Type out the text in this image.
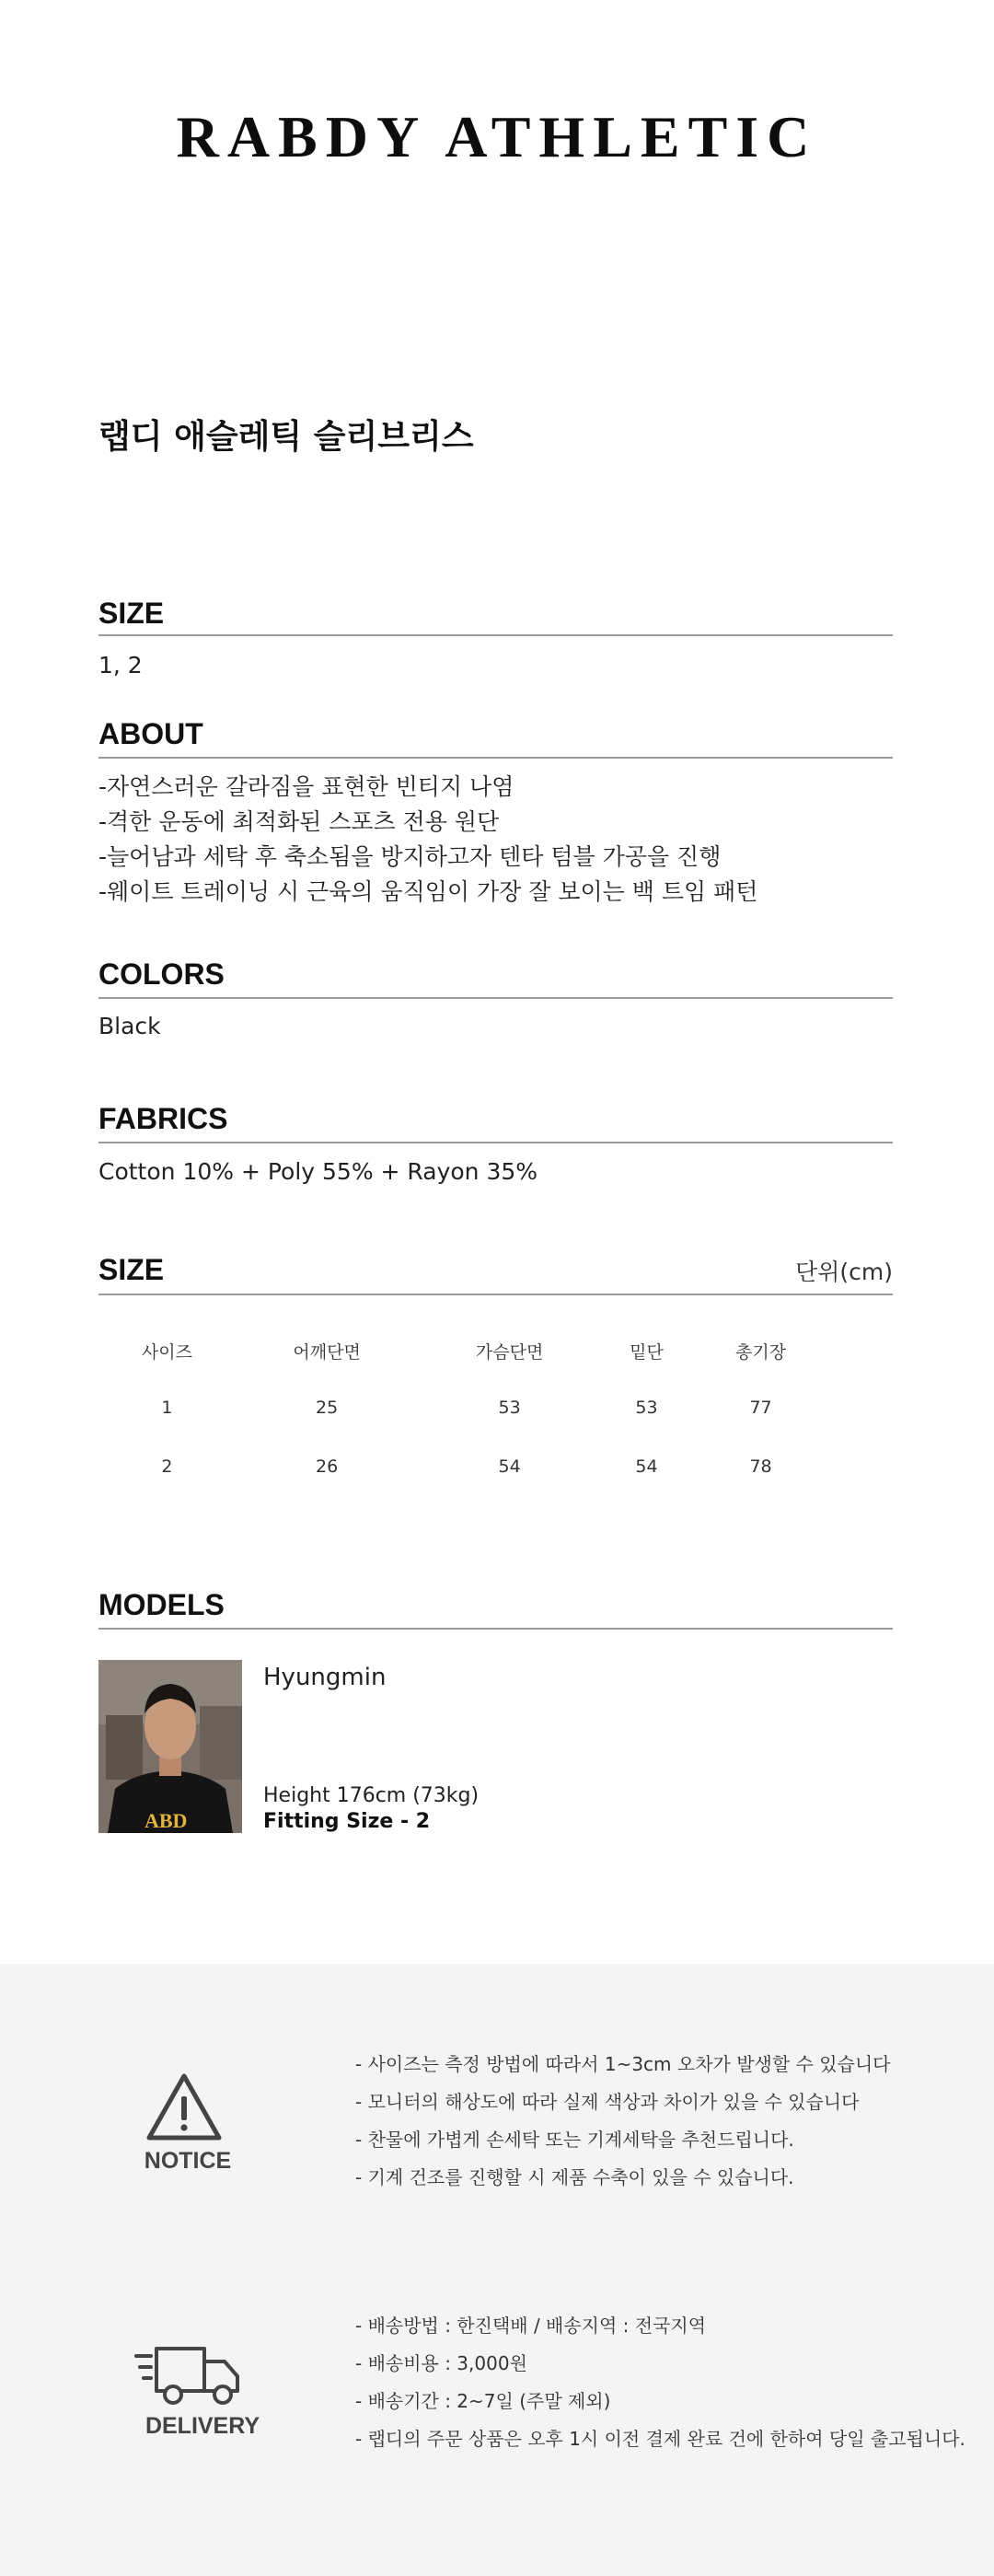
RABDY ATHLETIC
랩디 애슬레틱 슬리브리스
SIZE
1, 2
ABOUT
-자연스러운 갈라짐을 표현한 빈티지 나염
-격한 운동에 최적화된 스포츠 전용 원단
-늘어남과 세탁 후 축소됨을 방지하고자 텐타 텀블 가공을 진행
-웨이트 트레이닝 시 근육의 움직임이 가장 잘 보이는 백 트임 패턴
COLORS
Black
FABRICS
Cotton 10% + Poly 55% + Rayon 35%
SIZE	단위(cm)
사이즈	어깨단면	가슴단면	밑단	총기장
1	25	53	53	77
2	26	54	54	78
MODELS
ABD
Hyungmin
Height 176cm (73kg)
Fitting Size - 2
NOTICE
- 사이즈는 측정 방법에 따라서 1~3cm 오차가 발생할 수 있습니다
- 모니터의 해상도에 따라 실제 색상과 차이가 있을 수 있습니다
- 찬물에 가볍게 손세탁 또는 기계세탁을 추천드립니다.
- 기계 건조를 진행할 시 제품 수축이 있을 수 있습니다.
DELIVERY
- 배송방법 : 한진택배 / 배송지역 : 전국지역
- 배송비용 : 3,000원
- 배송기간 : 2~7일 (주말 제외)
- 랩디의 주문 상품은 오후 1시 이전 결제 완료 건에 한하여 당일 출고됩니다.
